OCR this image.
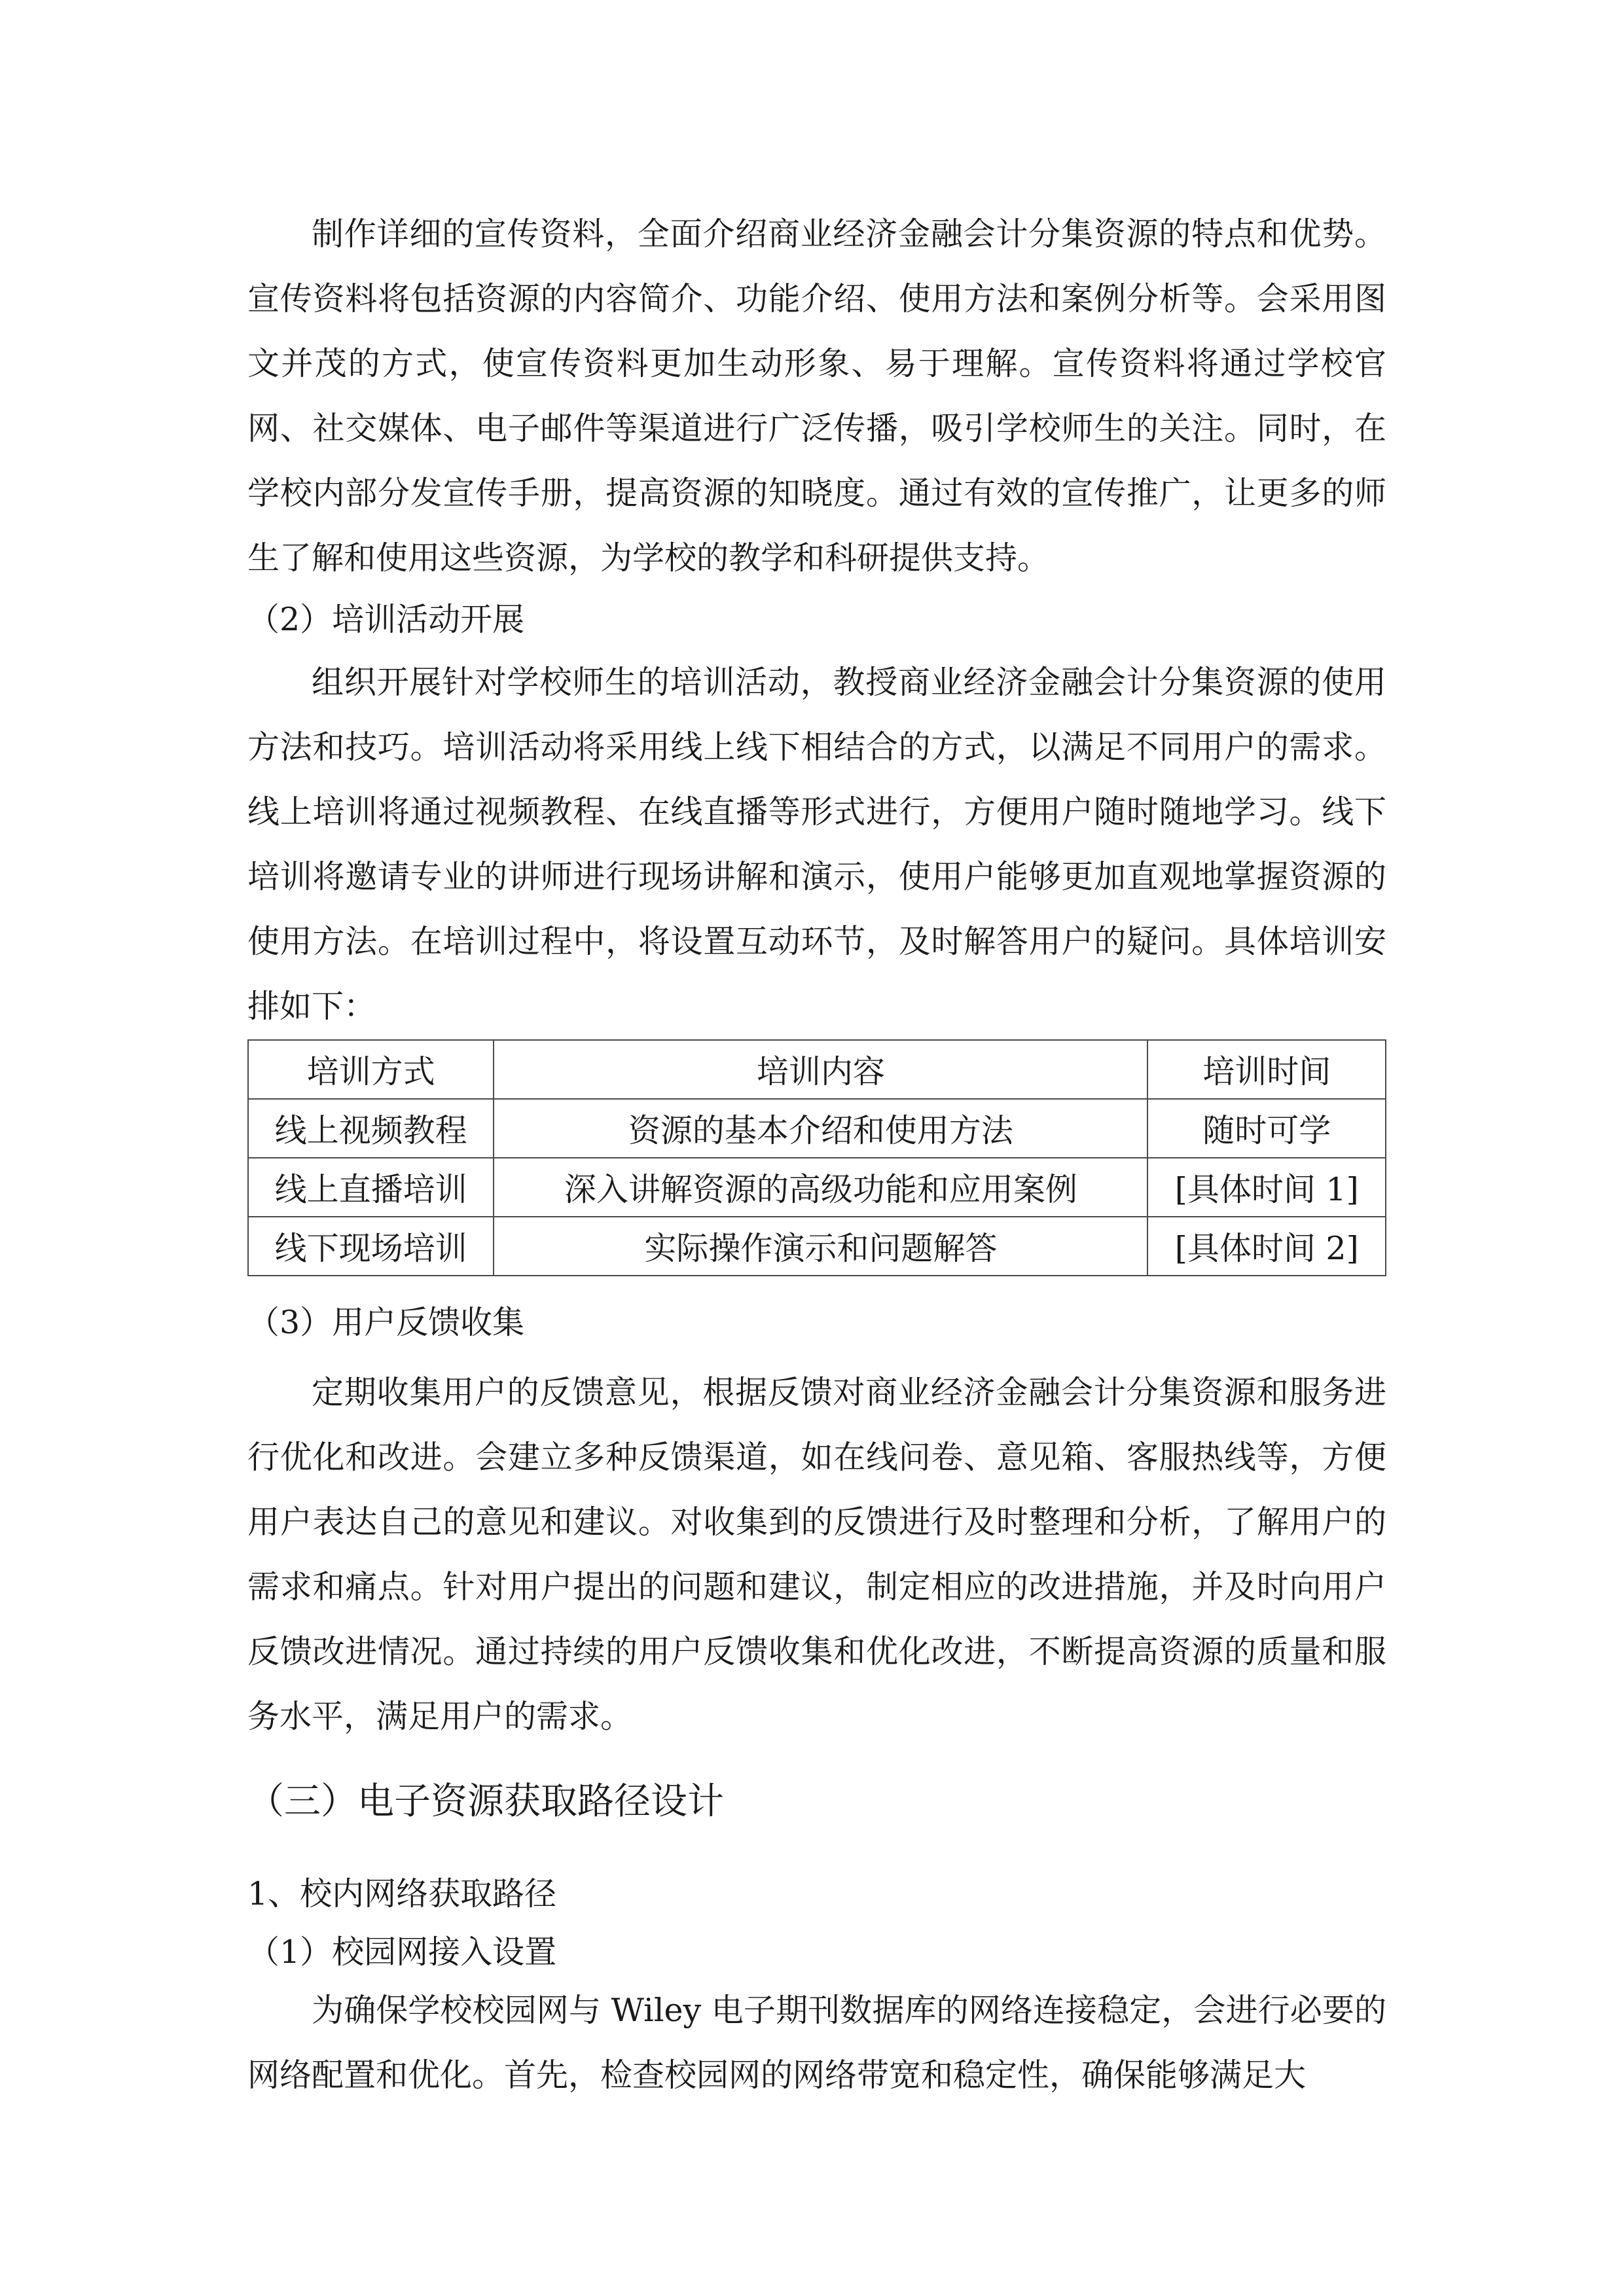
制作详细的宣传资料，全面介绍商业经济金融会计分集资源的特点和优势。宣传资料将包括资源的内容简介、功能介绍、使用方法和案例分析等。会采用图文并茂的方式，使宣传资料更加生动形象、易于理解。宣传资料将通过学校官网、社交媒体、电子邮件等渠道进行广泛传播，吸引学校师生的关注。同时，在学校内部分发宣传手册，提高资源的知晓度。通过有效的宣传推广，让更多的师生了解和使用这些资源，为学校的教学和科研提供支持。

（2）培训活动开展

组织开展针对学校师生的培训活动，教授商业经济金融会计分集资源的使用方法和技巧。培训活动将采用线上线下相结合的方式，以满足不同用户的需求。线上培训将通过视频教程、在线直播等形式进行，方便用户随时随地学习。线下培训将邀请专业的讲师进行现场讲解和演示，使用户能够更加直观地掌握资源的使用方法。在培训过程中，将设置互动环节，及时解答用户的疑问。具体培训安排如下：

培训方式	培训内容	培训时间
线上视频教程	资源的基本介绍和使用方法	随时可学
线上直播培训	深入讲解资源的高级功能和应用案例	[具体时间 1]
线下现场培训	实际操作演示和问题解答	[具体时间 2]

（3）用户反馈收集

定期收集用户的反馈意见，根据反馈对商业经济金融会计分集资源和服务进行优化和改进。会建立多种反馈渠道，如在线问卷、意见箱、客服热线等，方便用户表达自己的意见和建议。对收集到的反馈进行及时整理和分析，了解用户的需求和痛点。针对用户提出的问题和建议，制定相应的改进措施，并及时向用户反馈改进情况。通过持续的用户反馈收集和优化改进，不断提高资源的质量和服务水平，满足用户的需求。

（三）电子资源获取路径设计

1、校内网络获取路径

（1）校园网接入设置

为确保学校校园网与 Wiley 电子期刊数据库的网络连接稳定，会进行必要的网络配置和优化。首先，检查校园网的网络带宽和稳定性，确保能够满足大
